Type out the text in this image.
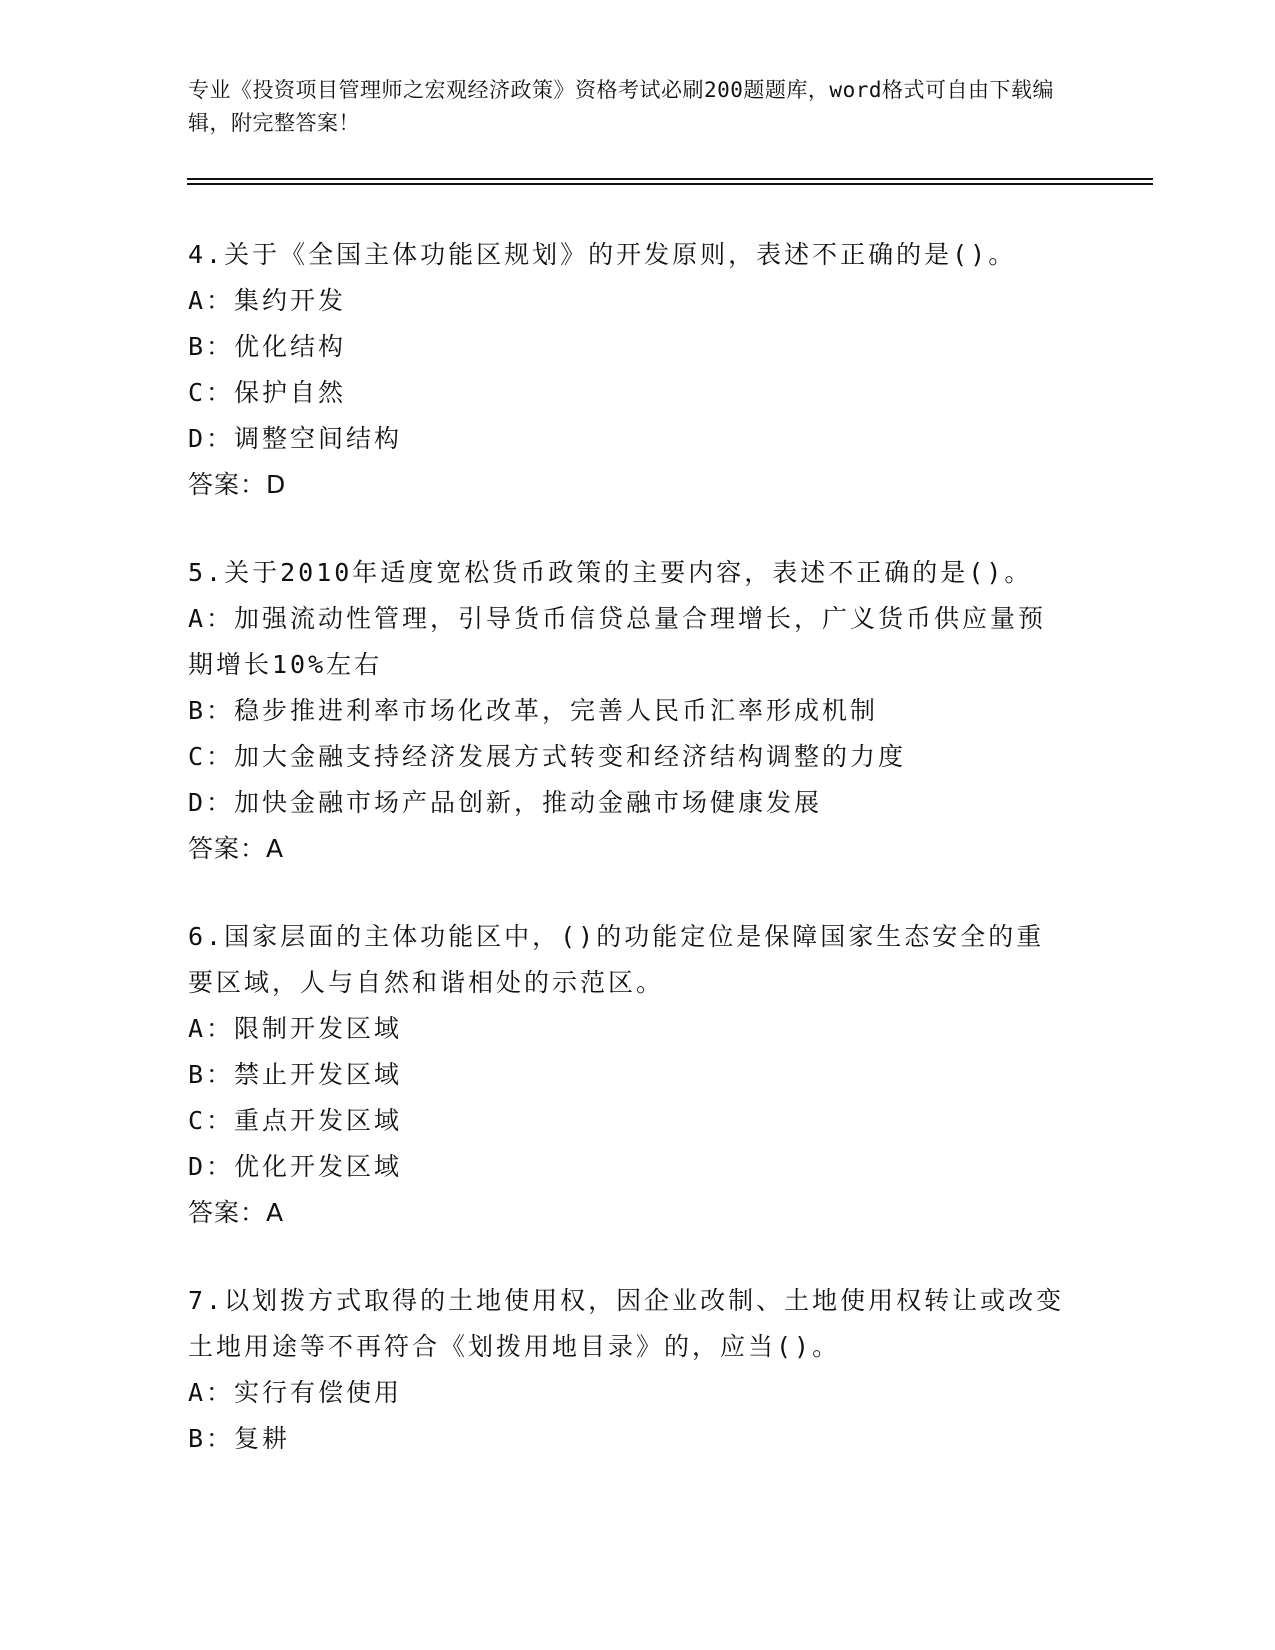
专业《投资项目管理师之宏观经济政策》资格考试必刷200题题库，word格式可自由下载编辑，附完整答案！
4.关于《全国主体功能区规划》的开发原则，表述不正确的是()。
A：集约开发
B：优化结构
C：保护自然
D：调整空间结构
答案：D
5.关于2010年适度宽松货币政策的主要内容，表述不正确的是()。
A：加强流动性管理，引导货币信贷总量合理增长，广义货币供应量预期增长10%左右
B：稳步推进利率市场化改革，完善人民币汇率形成机制
C：加大金融支持经济发展方式转变和经济结构调整的力度
D：加快金融市场产品创新，推动金融市场健康发展
答案：A
6.国家层面的主体功能区中，()的功能定位是保障国家生态安全的重要区域，人与自然和谐相处的示范区。
A：限制开发区域
B：禁止开发区域
C：重点开发区域
D：优化开发区域
答案：A
7.以划拨方式取得的土地使用权，因企业改制、土地使用权转让或改变土地用途等不再符合《划拨用地目录》的，应当()。
A：实行有偿使用
B：复耕
